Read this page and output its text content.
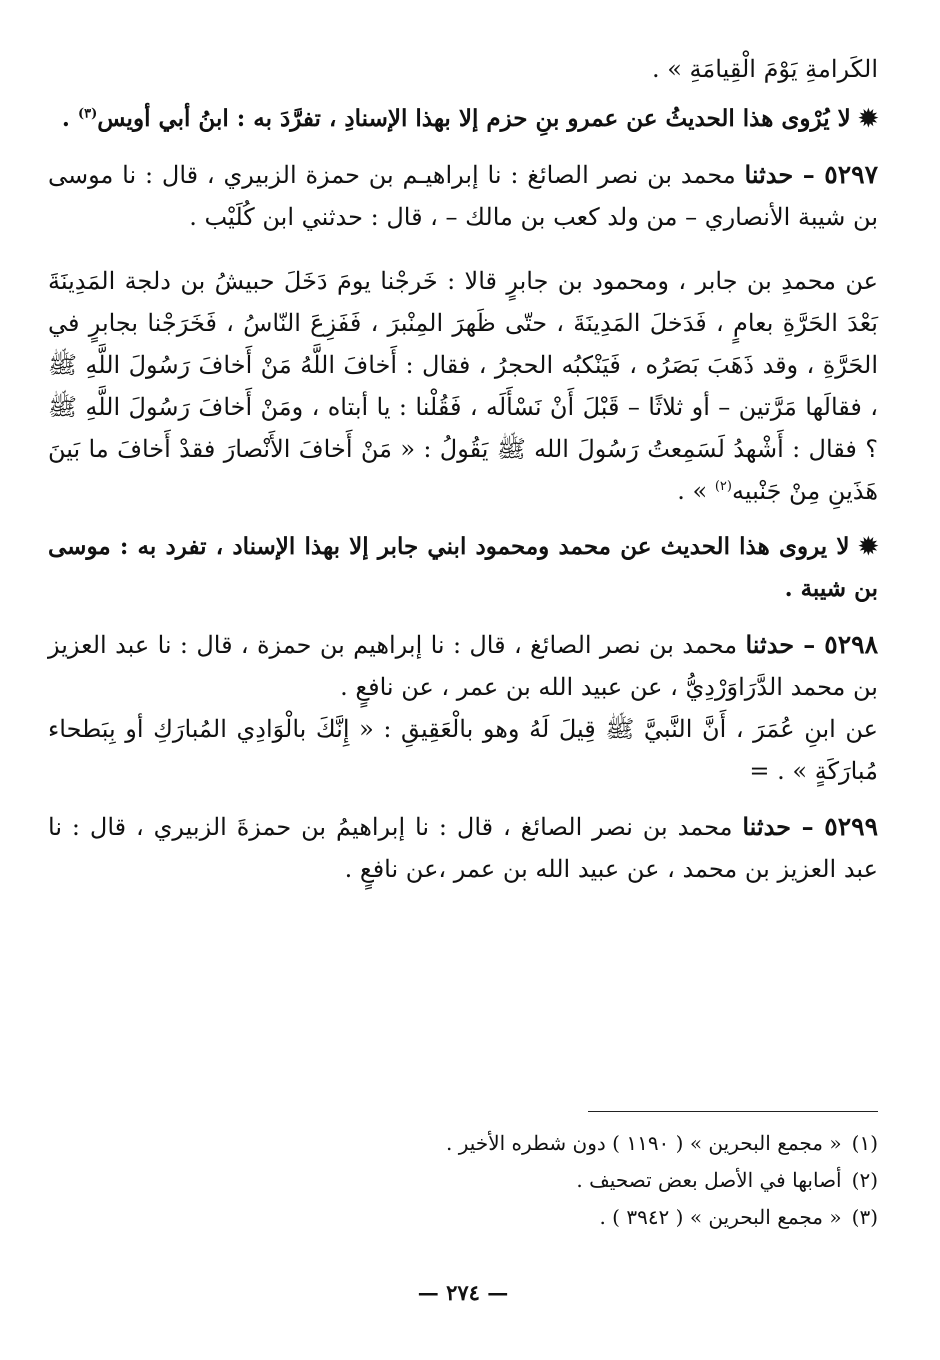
الكَرامةِ يَوْمَ الْقِيامَةِ » .

✹ لا يُرْوى هذا الحديثُ عن عمرو بنِ حزم إلا بهذا الإسنادِ ، تفرَّدَ به : ابنُ أبي أويس$^{(٣)}$ .

٥٢٩٧ – حدثنا محمد بن نصر الصائغ : نا إبراهيـم بن حمزة الزبيري ، قال : نا موسى بن شيبة الأنصاري – من ولد كعب بن مالك – ، قال : حدثني ابن كُلَيْب .

عن محمدِ بن جابر ، ومحمود بن جابرٍ قالا : خَرجْنا يومَ دَخَلَ حبيشُ بن دلجة المَدِينَةَ بَعْدَ الحَرَّةِ بعامٍ ، فَدَخلَ المَدِينَةَ ، حتّى ظَهرَ المِنْبرَ ، فَفَزِعَ النّاسُ ، فَخَرَجْنا بجابرٍ في الحَرَّةِ ، وقد ذَهَبَ بَصَرُه ، فَيَنْكبُه الحجرُ ، فقال : أَخافَ اللَّهُ مَنْ أَخافَ رَسُولَ اللَّهِ ﷺ ، فقالَها مَرَّتين – أو ثلاثًا – قَبْلَ أَنْ نَسْأَلَه ، فَقُلْنا : يا أبتاه ، ومَنْ أَخافَ رَسُولَ اللَّهِ ﷺ ؟ فقال : أَشْهدُ لَسَمِعتُ رَسُولَ الله ﷺ يَقُولُ : « مَنْ أَخافَ الأَنْصارَ فقدْ أَخافَ ما بَينَ هَذَينِ مِنْ جَنْبيه$^{(٢)}$ » .

✹ لا يروى هذا الحديث عن محمد ومحمود ابني جابر إلا بهذا الإسناد ، تفرد به : موسى بن شيبة .

٥٢٩٨ – حدثنا محمد بن نصر الصائغ ، قال : نا إبراهيم بن حمزة ، قال : نا عبد العزيز بن محمد الدَّرَاوَرْدِيُّ ، عن عبيد الله بن عمر ، عن نافعٍ .

عن ابنِ عُمَرَ ، أَنَّ النَّبيَّ ﷺ قِيلَ لَهُ وهو بالْعَقِيقِ : « إِنَّكَ بالْوَادِي المُبارَكِ أو بِبَطحاء مُبارَكَةٍ » . =

٥٢٩٩ – حدثنا محمد بن نصر الصائغ ، قال : نا إبراهيمُ بن حمزةَ الزبيري ، قال : نا عبد العزيز بن محمد ، عن عبيد الله بن عمر ،عن نافعٍ .

(١)« مجمع البحرين » ( ١١٩٠ ) دون شطره الأخير .

(٢)أصابها في الأصل بعض تصحيف .

(٣)« مجمع البحرين » ( ٣٩٤٢ ) .

— ٢٧٤ —
